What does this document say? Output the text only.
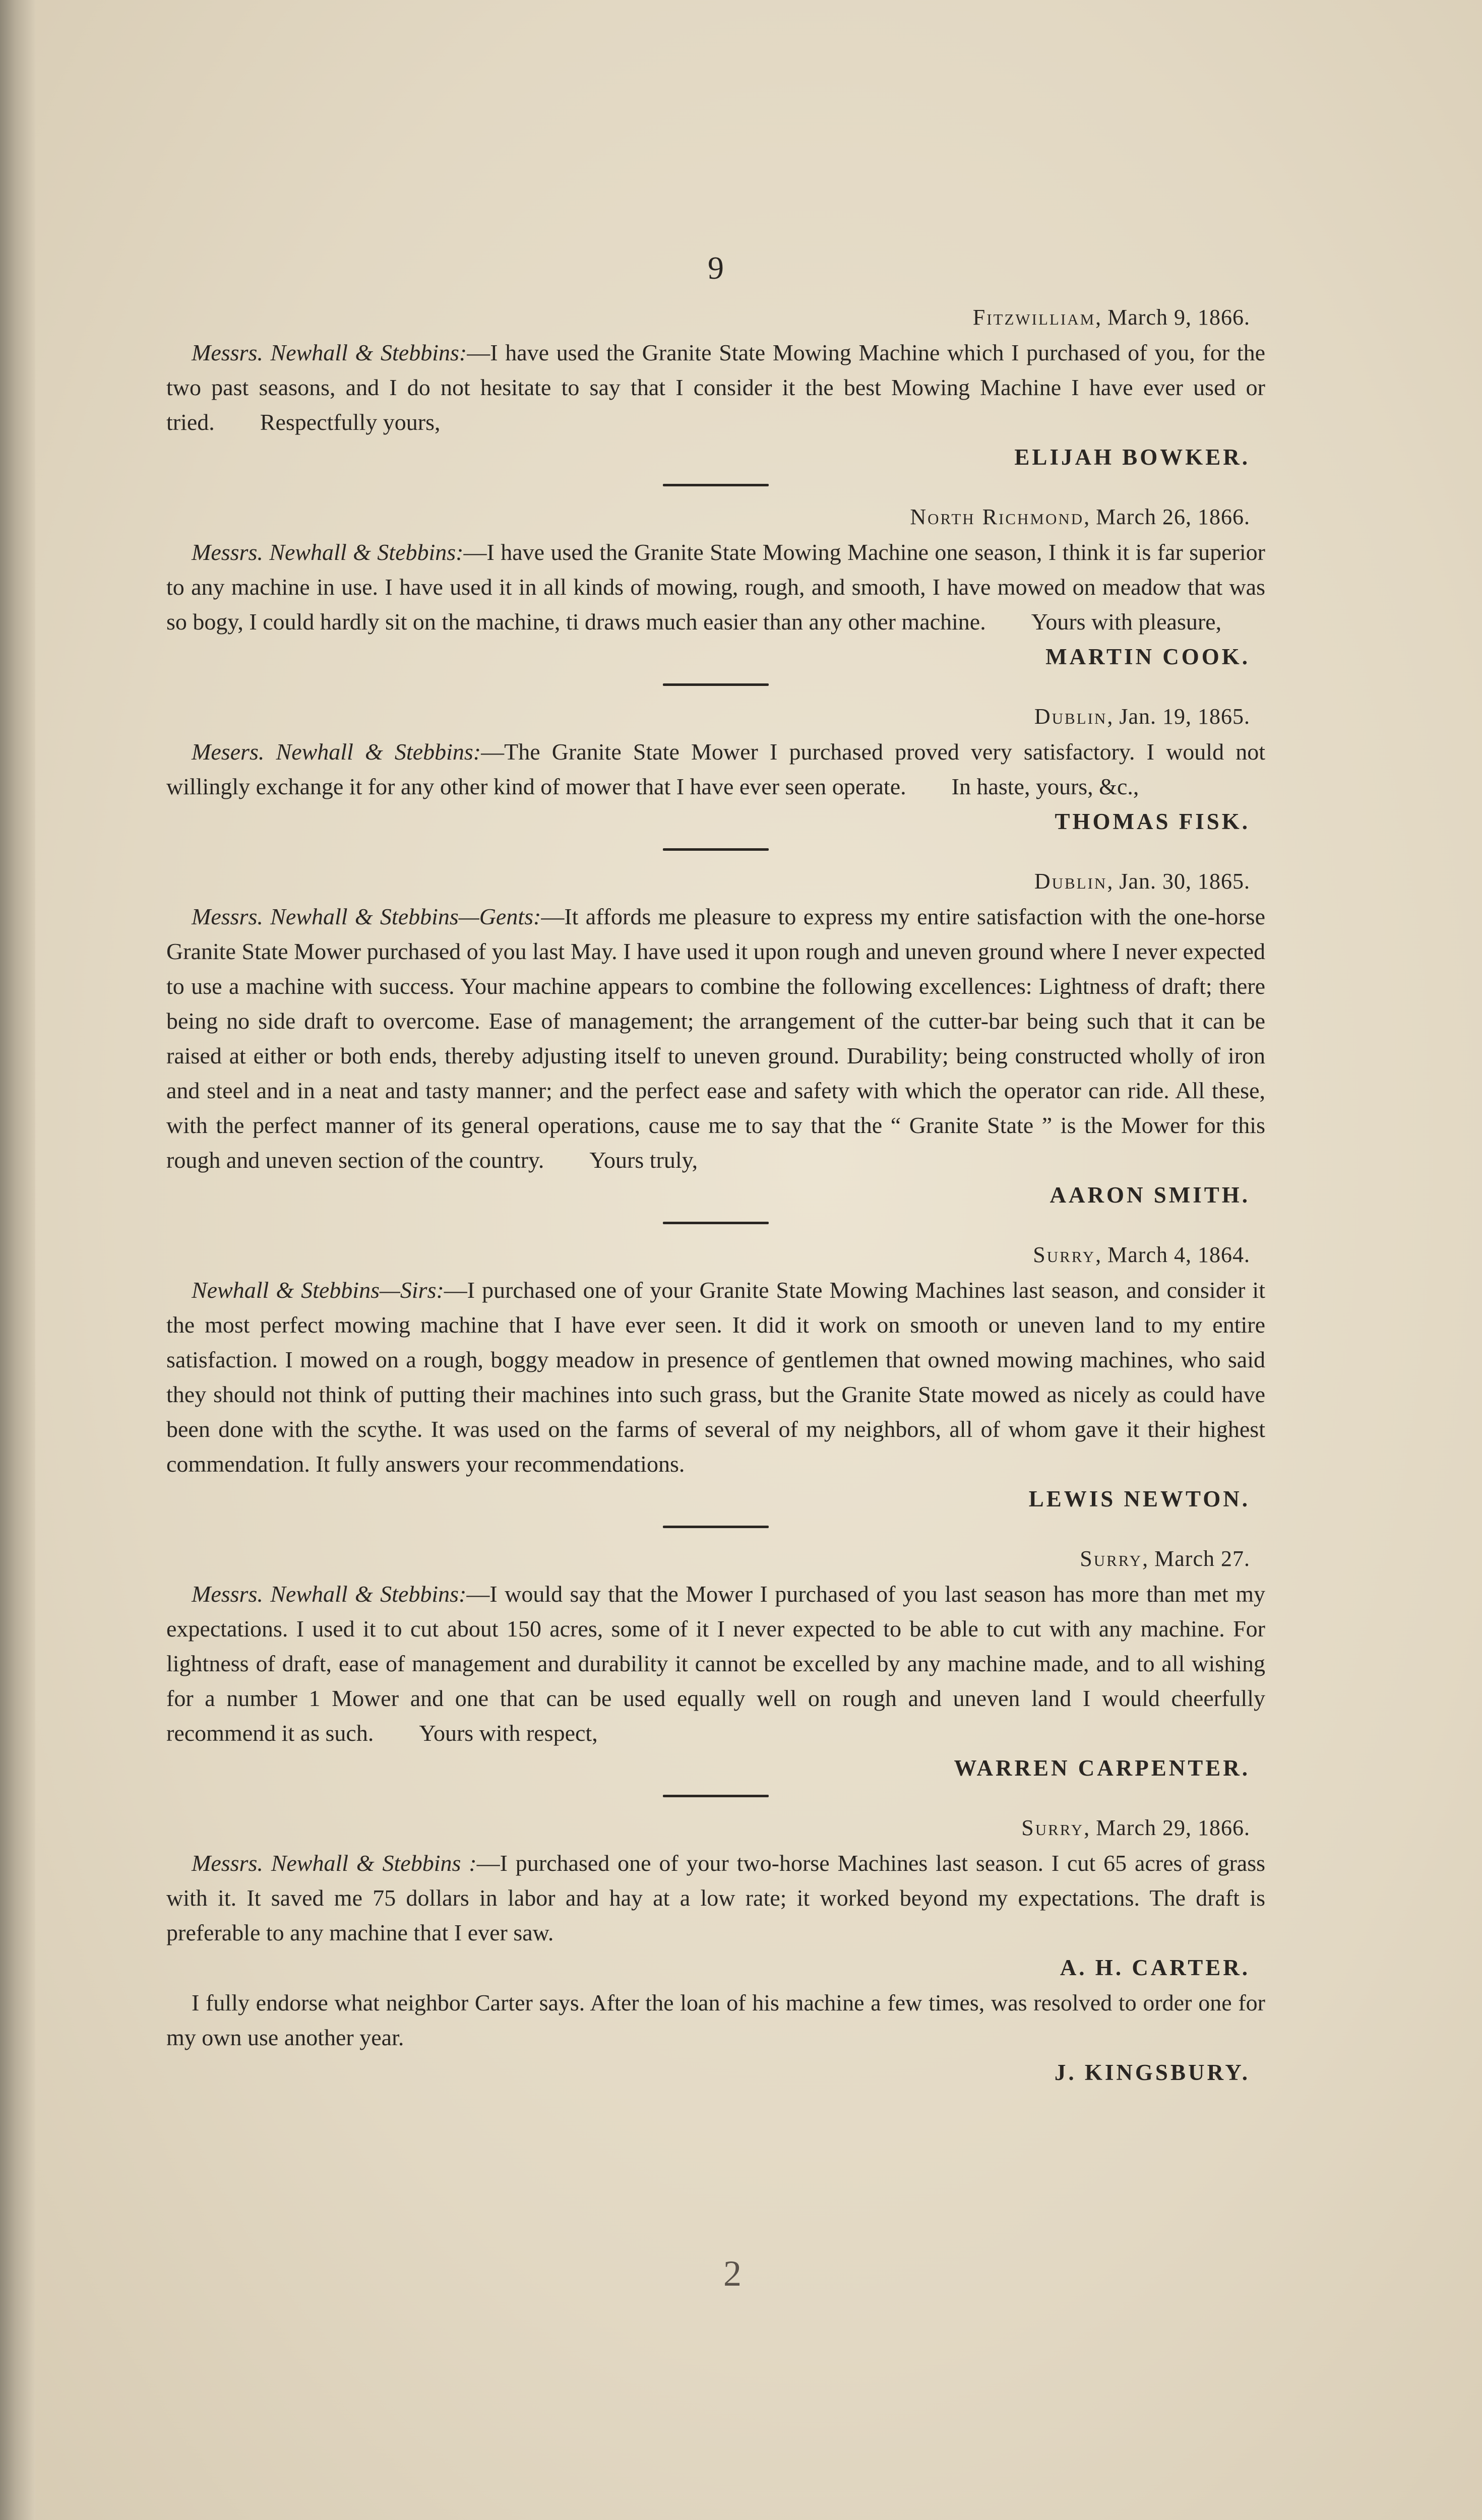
9
Fitzwilliam, March 9, 1866.

Messrs. Newhall & Stebbins:—I have used the Granite State Mowing Machine which I purchased of you, for the two past seasons, and I do not hesitate to say that I consider it the best Mowing Machine I have ever used or tried. Respectfully yours,

ELIJAH BOWKER.
North Richmond, March 26, 1866.

Messrs. Newhall & Stebbins:—I have used the Granite State Mowing Machine one season, I think it is far superior to any machine in use. I have used it in all kinds of mowing, rough, and smooth, I have mowed on meadow that was so bogy, I could hardly sit on the machine, ti draws much easier than any other machine. Yours with pleasure,

MARTIN COOK.
Dublin, Jan. 19, 1865.

Mesers. Newhall & Stebbins:—The Granite State Mower I purchased proved very satisfactory. I would not willingly exchange it for any other kind of mower that I have ever seen operate. In haste, yours, &c.,

THOMAS FISK.
Dublin, Jan. 30, 1865.

Messrs. Newhall & Stebbins—Gents:—It affords me pleasure to express my entire satisfaction with the one-horse Granite State Mower purchased of you last May. I have used it upon rough and uneven ground where I never expected to use a machine with success. Your machine appears to combine the following excellences: Lightness of draft; there being no side draft to overcome. Ease of management; the arrangement of the cutter-bar being such that it can be raised at either or both ends, thereby adjusting itself to uneven ground. Durability; being constructed wholly of iron and steel and in a neat and tasty manner; and the perfect ease and safety with which the operator can ride. All these, with the perfect manner of its general operations, cause me to say that the “ Granite State ” is the Mower for this rough and uneven section of the country. Yours truly,

AARON SMITH.
Surry, March 4, 1864.

Newhall & Stebbins—Sirs:—I purchased one of your Granite State Mowing Machines last season, and consider it the most perfect mowing machine that I have ever seen. It did it work on smooth or uneven land to my entire satisfaction. I mowed on a rough, boggy meadow in presence of gentlemen that owned mowing machines, who said they should not think of putting their machines into such grass, but the Granite State mowed as nicely as could have been done with the scythe. It was used on the farms of several of my neighbors, all of whom gave it their highest commendation. It fully answers your recommendations.

LEWIS NEWTON.
Surry, March 27.

Messrs. Newhall & Stebbins:—I would say that the Mower I purchased of you last season has more than met my expectations. I used it to cut about 150 acres, some of it I never expected to be able to cut with any machine. For lightness of draft, ease of management and durability it cannot be excelled by any machine made, and to all wishing for a number 1 Mower and one that can be used equally well on rough and uneven land I would cheerfully recommend it as such. Yours with respect,

WARREN CARPENTER.
Surry, March 29, 1866.

Messrs. Newhall & Stebbins :—I purchased one of your two-horse Machines last season. I cut 65 acres of grass with it. It saved me 75 dollars in labor and hay at a low rate; it worked beyond my expectations. The draft is preferable to any machine that I ever saw.

A. H. CARTER.

I fully endorse what neighbor Carter says. After the loan of his machine a few times, was resolved to order one for my own use another year.

J. KINGSBURY.
2
